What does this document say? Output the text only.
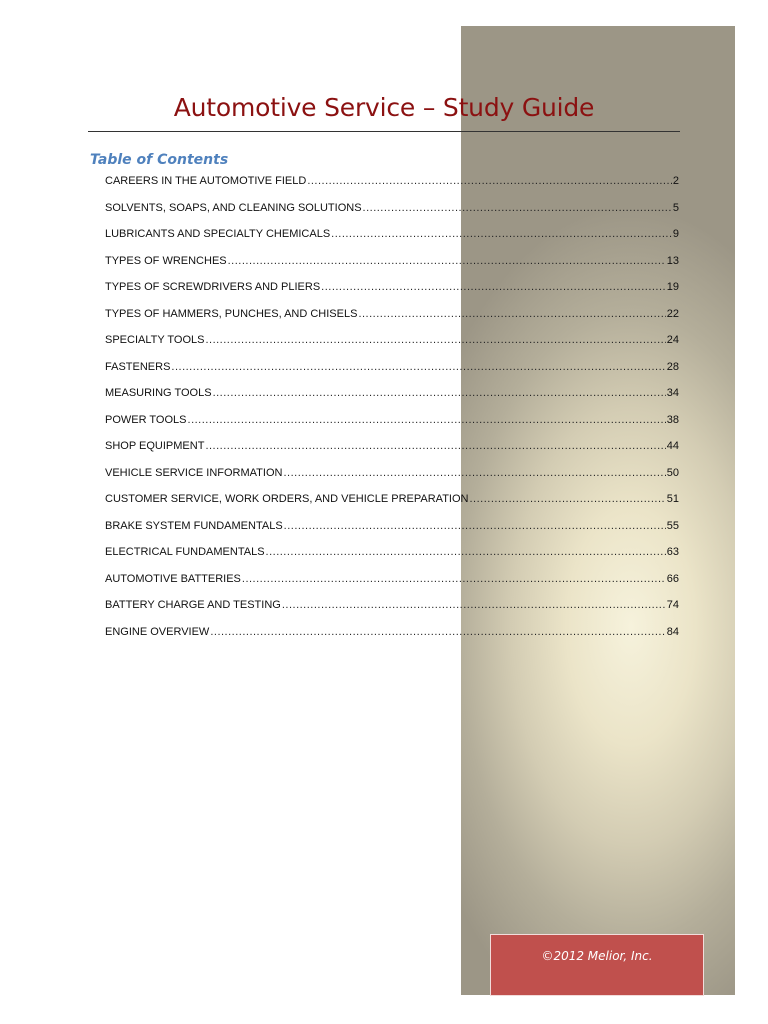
Automotive Service – Study Guide
Table of Contents
CAREERS IN THE AUTOMOTIVE FIELD .....	2
SOLVENTS, SOAPS, AND CLEANING SOLUTIONS .....	5
LUBRICANTS AND SPECIALTY CHEMICALS .....	9
TYPES OF WRENCHES .....	13
TYPES OF SCREWDRIVERS AND PLIERS .....	19
TYPES OF HAMMERS, PUNCHES, AND CHISELS .....	22
SPECIALTY TOOLS .....	24
FASTENERS .....	28
MEASURING TOOLS .....	34
POWER TOOLS .....	38
SHOP EQUIPMENT .....	44
VEHICLE SERVICE INFORMATION .....	50
CUSTOMER SERVICE, WORK ORDERS, AND VEHICLE PREPARATION .....	51
BRAKE SYSTEM FUNDAMENTALS .....	55
ELECTRICAL FUNDAMENTALS .....	63
AUTOMOTIVE BATTERIES .....	66
BATTERY CHARGE AND TESTING .....	74
ENGINE OVERVIEW .....	84
©2012 Melior, Inc.
